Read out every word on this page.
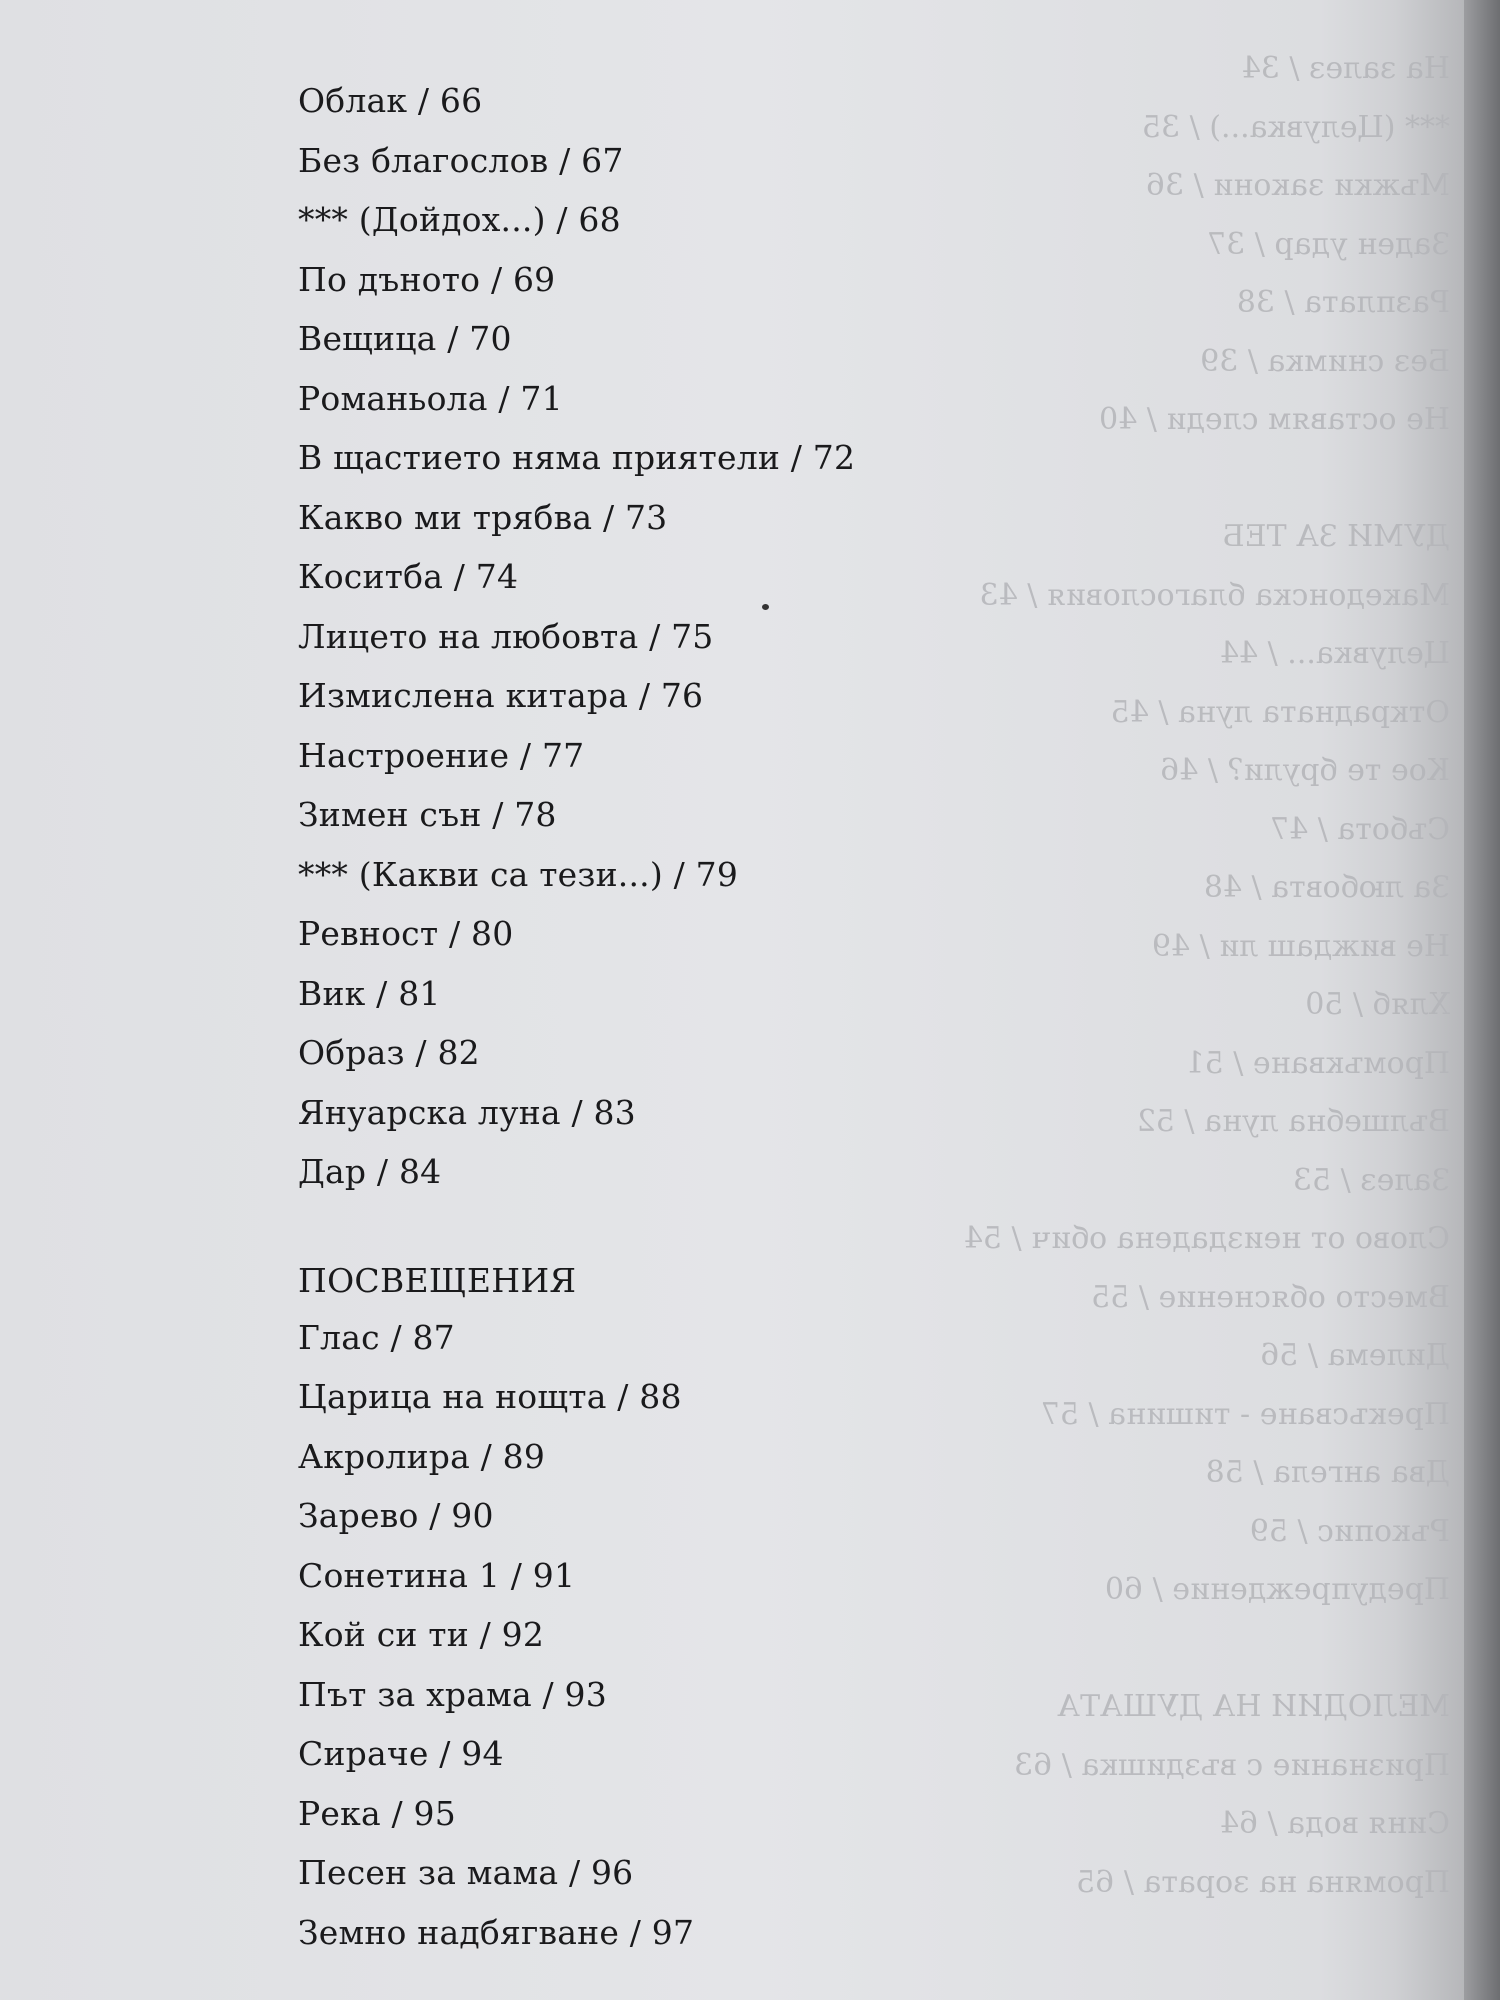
На залез / 34
*** (Целувка...) / 35
Мъжки закони / 36
Заден удар / 37
Разплата / 38
Без снимка / 39
Не оставям следи / 40
ДУМИ ЗА ТЕБ
Македонска благословия / 43
Целувка... / 44
Откраднатa луна / 45
Кое те брули? / 46
Събота / 47
За любовта / 48
Не виждаш ли / 49
Хляб / 50
Промъкване / 51
Вълшебна луна / 52
Залез / 53
Слово от неиздадена обич / 54
Вместо обяснение / 55
Дилема / 56
Прекъсване - тишина / 57
Два ангела / 58
Ръкопис / 59
Предупреждение / 60
МЕЛОДИИ НА ДУШАТА
Признание с въздишка / 63
Синя вода / 64
Промяна на зората / 65
Облак / 66
Без благослов / 67
*** (Дойдох...) / 68
По дъното / 69
Вещица / 70
Романьола / 71
В щастието няма приятели / 72
Какво ми трябва / 73
Коситба / 74
Лицето на любовта / 75
Измислена китара / 76
Настроение / 77
Зимен сън / 78
*** (Какви са тези...) / 79
Ревност / 80
Вик / 81
Образ / 82
Януарска луна / 83
Дар / 84
ПОСВЕЩЕНИЯ
Глас / 87
Царица на нощта / 88
Акролира / 89
Зарево / 90
Сонетина 1 / 91
Кой си ти / 92
Път за храма / 93
Сираче / 94
Река / 95
Песен за мама / 96
Земно надбягване / 97
